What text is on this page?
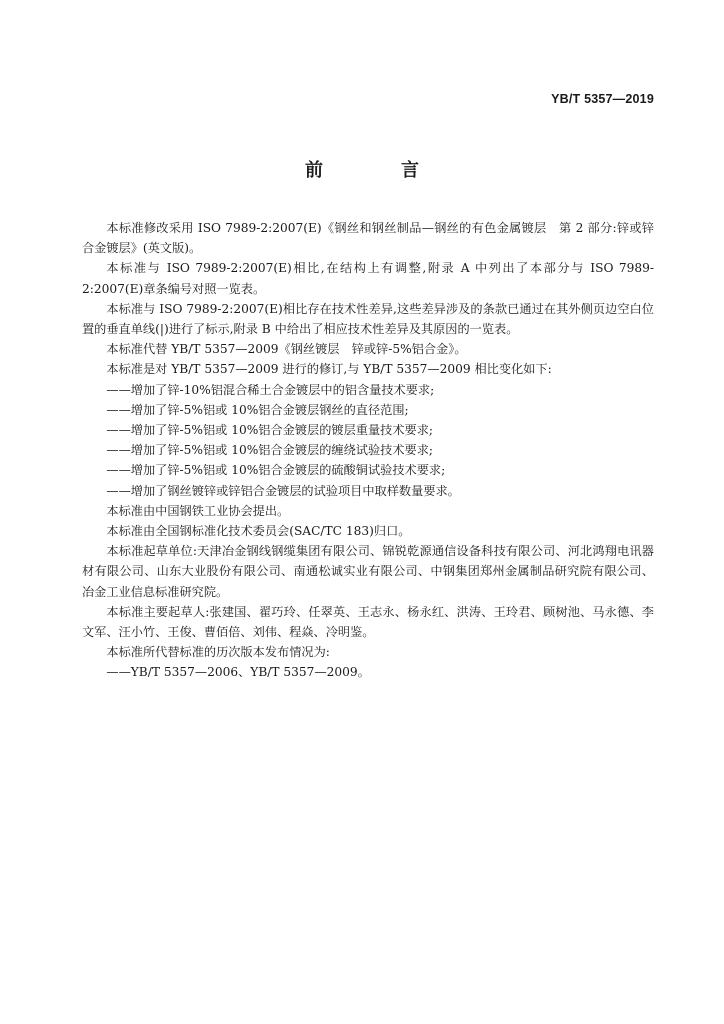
YB/T 5357—2019
前　言

本标准修改采用 ISO 7989-2:2007(E)《钢丝和钢丝制品—钢丝的有色金属镀层　第 2 部分:锌或锌合金镀层》(英文版)。

本标准与 ISO 7989-2:2007(E)相比,在结构上有调整,附录 A 中列出了本部分与 ISO 7989-2:2007(E)章条编号对照一览表。

本标准与 ISO 7989-2:2007(E)相比存在技术性差异,这些差异涉及的条款已通过在其外侧页边空白位置的垂直单线(|)进行了标示,附录 B 中给出了相应技术性差异及其原因的一览表。

本标准代替 YB/T 5357—2009《钢丝镀层　锌或锌-5%铝合金》。

本标准是对 YB/T 5357—2009 进行的修订,与 YB/T 5357—2009 相比变化如下:

——增加了锌-10%铝混合稀土合金镀层中的铝含量技术要求;

——增加了锌-5%铝或 10%铝合金镀层钢丝的直径范围;

——增加了锌-5%铝或 10%铝合金镀层的镀层重量技术要求;

——增加了锌-5%铝或 10%铝合金镀层的缠绕试验技术要求;

——增加了锌-5%铝或 10%铝合金镀层的硫酸铜试验技术要求;

——增加了钢丝镀锌或锌铝合金镀层的试验项目中取样数量要求。

本标准由中国钢铁工业协会提出。

本标准由全国钢标准化技术委员会(SAC/TC 183)归口。

本标准起草单位:天津冶金钢线钢缆集团有限公司、锦锐乾源通信设备科技有限公司、河北鸿翔电讯器材有限公司、山东大业股份有限公司、南通松诚实业有限公司、中钢集团郑州金属制品研究院有限公司、冶金工业信息标准研究院。

本标准主要起草人:张建国、翟巧玲、任翠英、王志永、杨永红、洪涛、王玲君、顾树池、马永德、李文军、汪小竹、王俊、曹佰倍、刘伟、程焱、冷明鉴。

本标准所代替标准的历次版本发布情况为:

——YB/T 5357—2006、YB/T 5357—2009。
